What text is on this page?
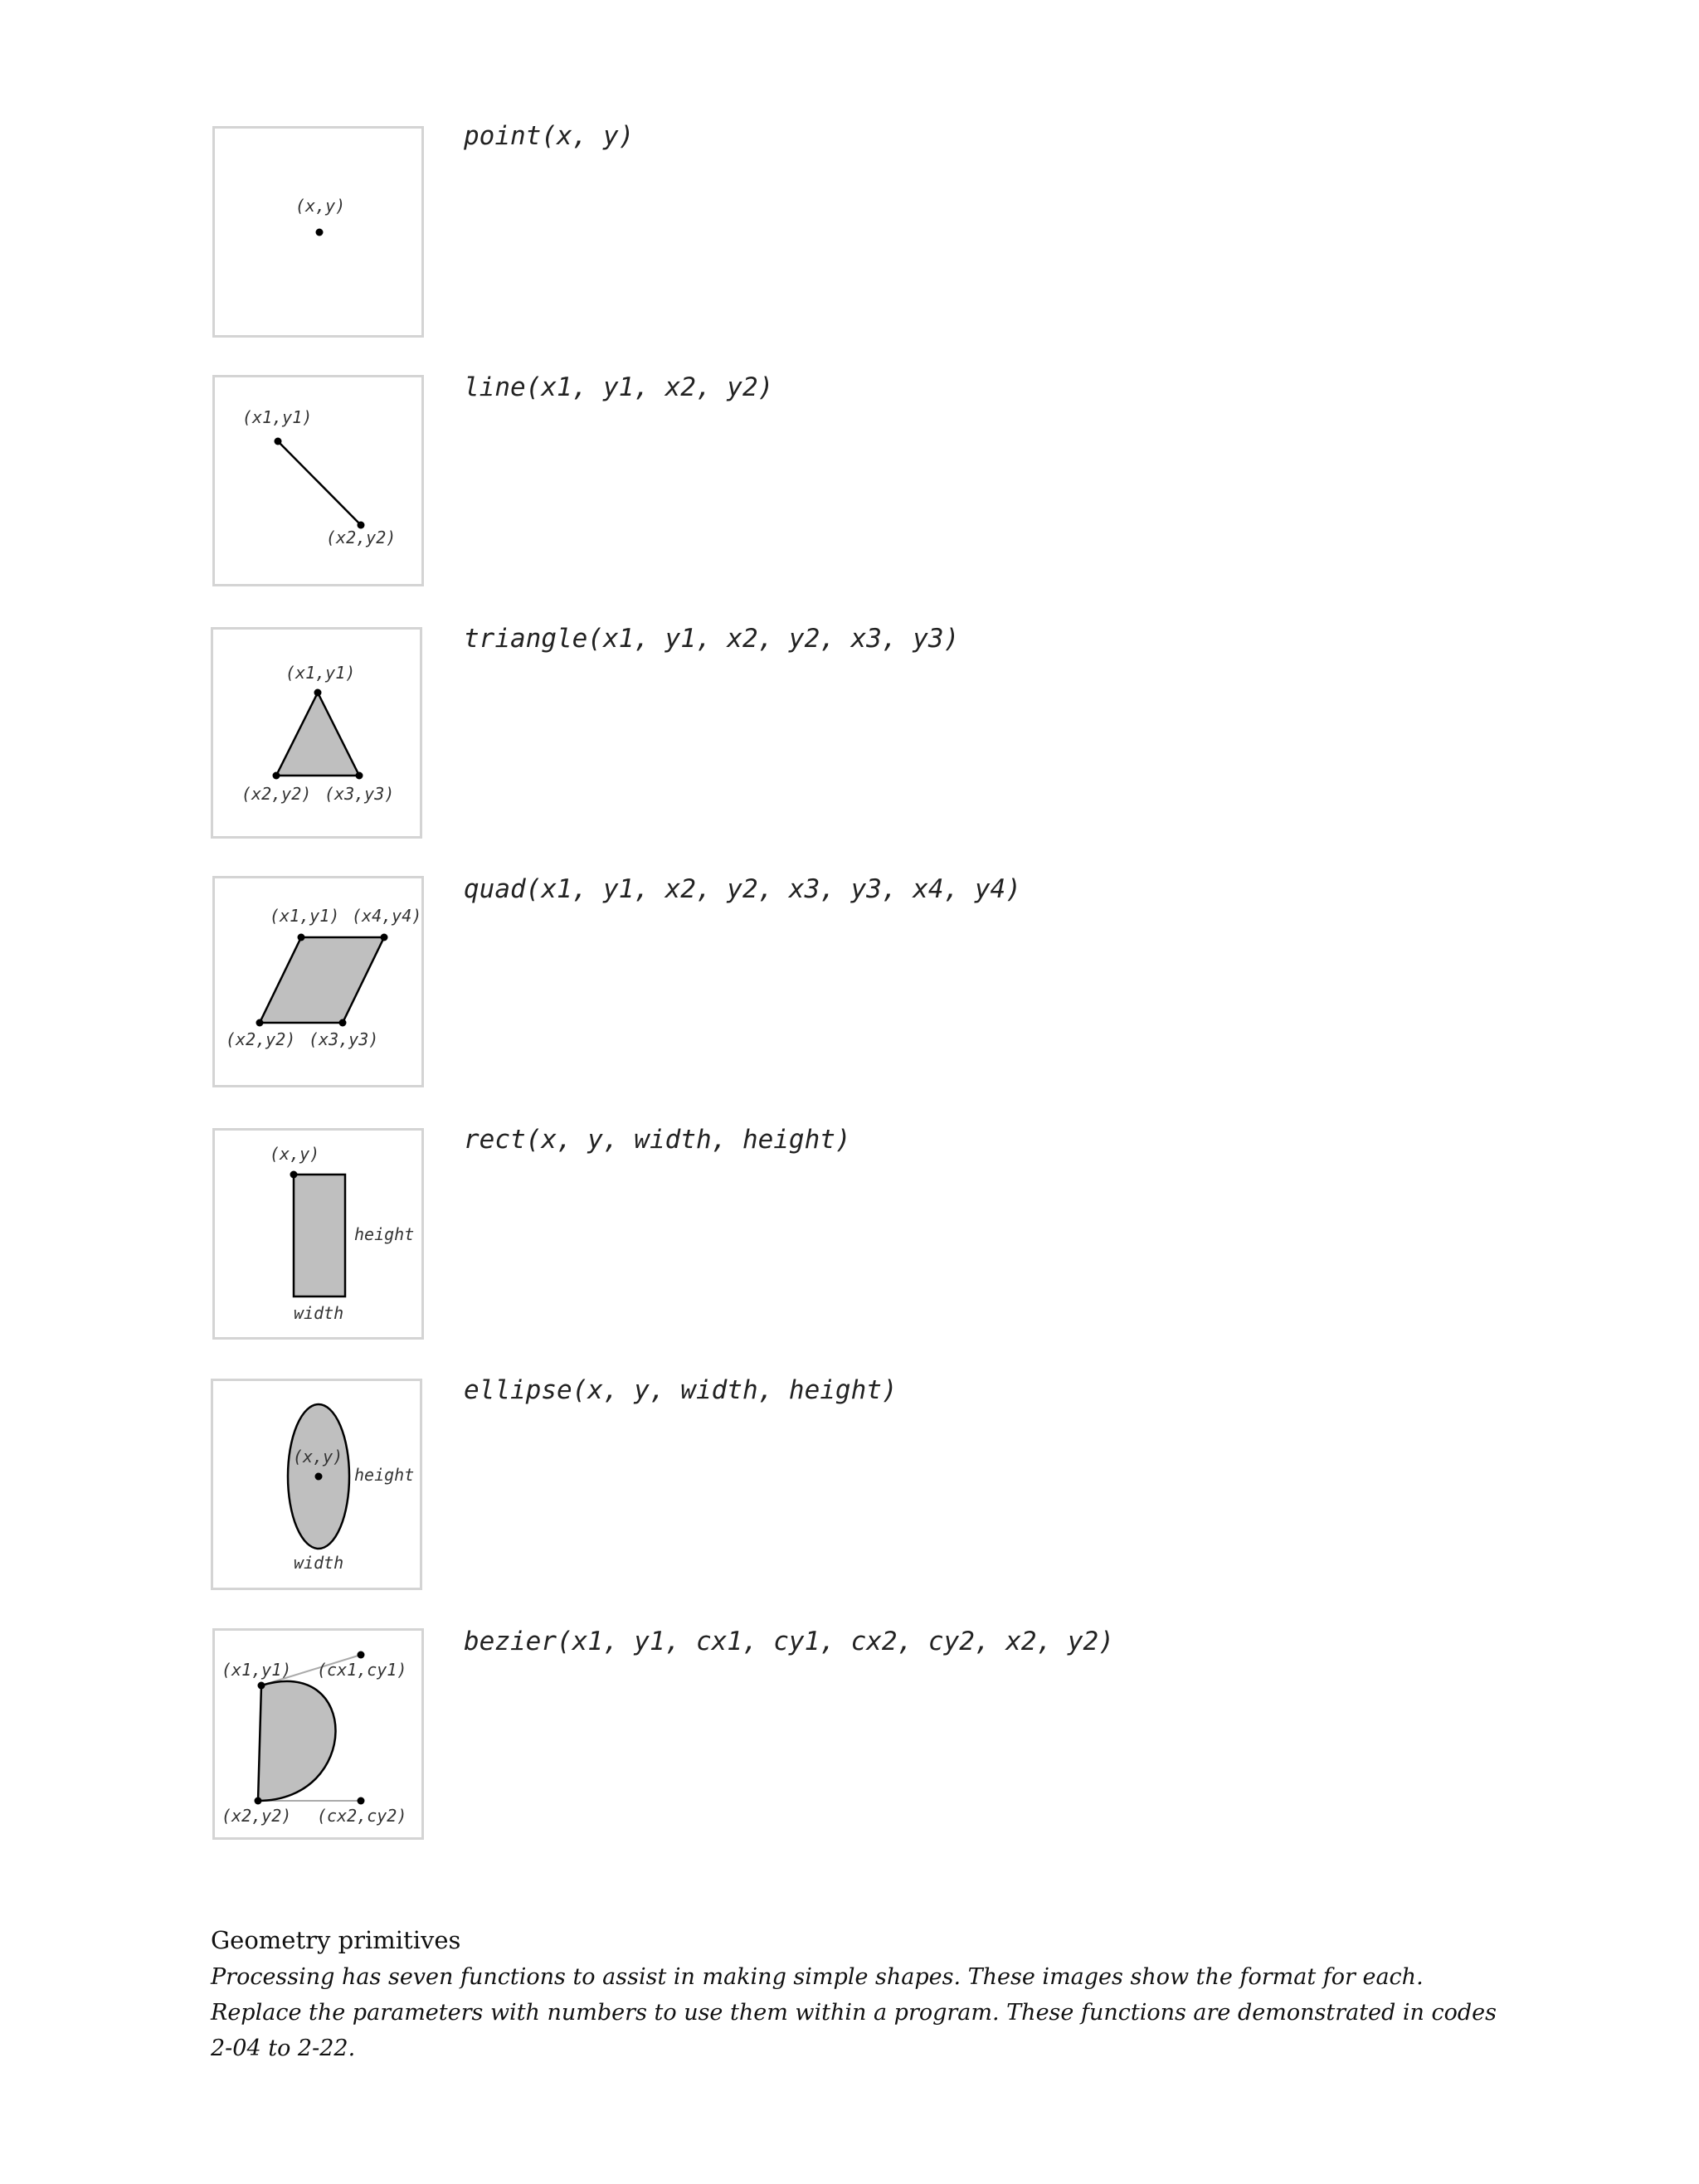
(x,y)
point(x, y)
(x1,y1)
(x2,y2)
line(x1, y1, x2, y2)
(x1,y1)
(x2,y2) (x3,y3)
triangle(x1, y1, x2, y2, x3, y3)
(x1,y1) (x4,y4)
(x2,y2) (x3,y3)
quad(x1, y1, x2, y2, x3, y3, x4, y4)
(x,y)
height
width
rect(x, y, width, height)
(x,y)
height
width
ellipse(x, y, width, height)
(x1,y1) (cx1,cy1)
(x2,y2) (cx2,cy2)
bezier(x1, y1, cx1, cy1, cx2, cy2, x2, y2)
Geometry primitives
Processing has seven functions to assist in making simple shapes. These images show the format for each. Replace the parameters with numbers to use them within a program. These functions are demonstrated in codes 2-04 to 2-22.
